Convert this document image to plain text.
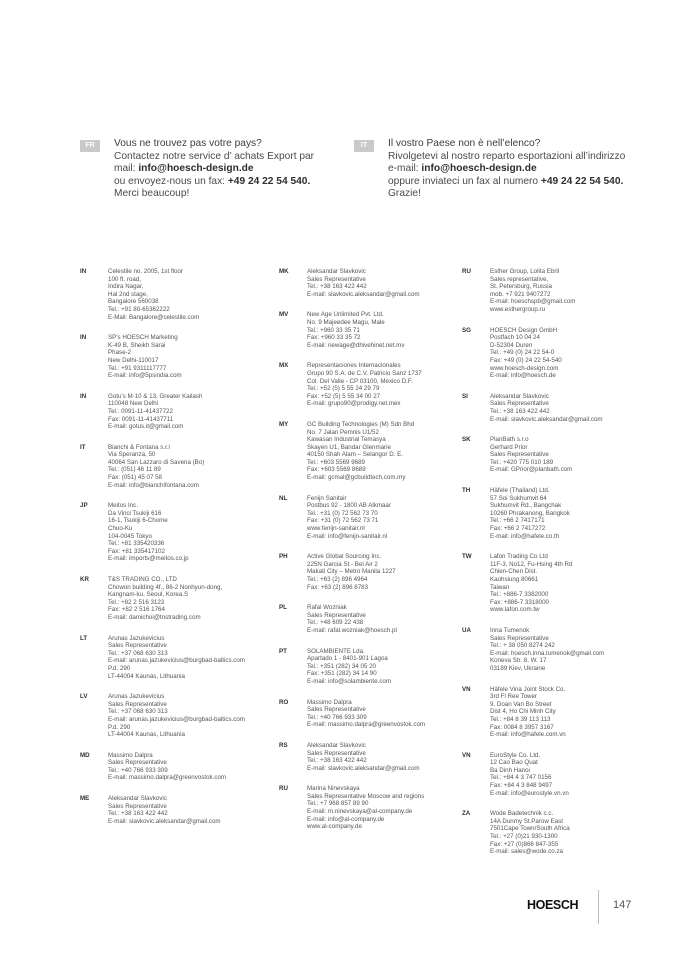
FR	Vous ne trouvez pas votre pays?
Contactez notre service d’ achats Export par
mail: info@hoesch-design.de
ou envoyez-nous un fax: +49 24 22 54 540.
Merci beaucoup!
IT	Il vostro Paese non è nell’elenco?
Rivolgetevi al nostro reparto esportazioni all’indirizzo
e-mail: info@hoesch-design.de
oppure inviateci un fax al numero +49 24 22 54 540.
Grazie!
IN	Celestile no. 2005, 1st floor
100 ft. road,
Indira Nagar,
Hal 2nd stage,
Bangalore 560038
Tel.: +91 80-65362222
E-Mail: Bangalore@celestile.com
IN	SP’s HOESCH Marketing
K-49 B, Sheikh Sarai
Phase-2
New Delhi-110017
Tel.: +91 9311117777
E-mail: info@5psindia.com
IN	Gotu’s M-10 & 13, Greater Kailash
110048 New Delhi
Tel.: 0091-11-41437722
Fax: 0091-11-41437711
E-mail: gotus.it@gmail.com
IT	Bianchi & Fontana s.r.l
Via Speranza, 50
40064 San Lazzaro di Savena (Bo)
Tel.: (051) 46 11 89
Fax: (051) 45 07 58
E-mail: info@bianchifontana.com
JP	Meitos Inc.
Da Vinci Tsukiji 616
16-1, Tsukiji 6-Chome
Chuo-Ku
104-0045 Tokyo
Tel.: +81 335420336
Fax: +81 335417102
E-mail: imports@meitos.co.jp
KR	T&S TRADING CO., LTD
Chowon building 4f., 86-2 Nonhyun-dong,
Kangnam-ku, Seoul, Korea.S
Tel.: +82 2 516 3123
Fax: +82 2 516 1764
E-mail: damichoi@tnstrading.com
LT	Arunas Jazukevicius
Sales Representative
Tel.: +37 068 630 313
E-mail: arunas.jazukevicius@burgbad-baltics.com
P.d. 290
LT-44004 Kaunas, Lithuania
LV	Arunas Jazukevicius
Sales Representative
Tel.: +37 068 630 313
E-mail: arunas.jazukevicius@burgbad-baltics.com
P.d. 290
LT-44004 Kaunas, Lithuania
MD	Massimo Dalpra
Sales Representative
Tel.: +40 766 933 309
E-mail: massimo.dalpra@greenvostok.com
ME	Aleksandar Slavkovic
Sales Representative
Tel.: +38 163 422 442
E-mail: slavkovic.aleksandar@gmail.com
MK	Aleksandar Slavkovic
Sales Representative
Tel.: +38 163 422 442
E-mail: slavkovic.aleksandar@gmail.com
MV	New Age Unlimited Pvt. Ltd.
No. 9 Majeedee Magu, Male
Tel.: +960 33 35 71
Fax: +960 33 35 72
E-mail: newage@dhivehinet.net.mv
MX	Representaciones Internacionales
Grupo 90 S.A. de C.V. Patricio Sanz 1737
Col. Del Valle - CP 03100, Mexico D.F.
Tel.: +52 (5) 5 55 24 29 79
Fax: +52 (5) 5 55 34 00 27
E-mail: grupo90@prodigy.net.mex
MY	GC Building Technologies (M) Sdn Bhd
No. 7 Jalan Pemnis U1/52
Kawasan Industrial Temasya
Skayen U1, Bandar Glenmarie
40150 Shah Alam – Selangor D. E.
Tel.: +603 5569 9689
Fax: +603 5569 8689
E-mail: gcmal@gcbuildtech.com.my
NL	Fenijn Sanitair
Postbus 92 - 1800 AB Alkmaar
Tel.: +31 (0) 72 562 73 70
Fax: +31 (0) 72 562 73 71
www.fenijn-sanitair.nl
E-mail: info@fenijn-sanitair.nl
PH	Active Global Sourcing Inc.
225N Garcia St - Bel Air 2
Makati City – Metro Manila 1227
Tel.: +63 (2) 896 4964
Fax: +63 (2) 896 8783
PL	Rafal Wozniak
Sales Representative
Tel.: +48 609 22 438
E-mail: rafal.wozniak@hoesch.pl
PT	SOLAMBIENTE Lda.
Apartado 1 - 8401-901 Lagoa
Tel.: +351 (282) 34 05 20
Fax: +351 (282) 34 14 90
E-mail: info@solambiente.com
RO	Massimo Dalpra
Sales Representative
Tel.: +40 766 933 309
E-mail: massimo.dalpra@greenvostok.com
RS	Aleksandar Slavkovic
Sales Representative
Tel.: +38 163 422 442
E-mail: slavkovic.aleksandar@gmail.com
RU	Marina Ninevskaya
Sales Representative Moscow and regions
Tel.: +7 968 857 89 90
E-mail: m.ninevskaya@al-company.de
E-mail: info@al-company.de
www.al-company.de
RU	Esther Group, Lolita Ebril
Sales representative,
St. Petersburg, Russia
mob. +7 921 9407272
E-mail: hoeschspb@gmail.com
www.esthergroup.ru
SG	HOESCH Design GmbH
Postfach 10 04 24
D-52304 Duren
Tel.: +49 (0) 24 22 54-0
Fax: +49 (0) 24 22 54-540
www.hoesch-design.com
E-mail: info@hoesch.de
SI	Aleksandar Slavkovic
Sales Representative
Tel.: +38 163 422 442
E-mail: slavkovic.aleksandar@gmail.com
SK	PlanBath s.r.o
Gerhard Prior
Sales Representative
Tel.: +420 775 010 189
E-mail: GPrior@planbath.com
TH	Häfele (Thailand) Ltd.
57 Soi Sukhumvit 64
Sukhumvit Rd., Bangchak
10260 Phrakanong, Bangkok
Tel.: +66 2 7417171
Fax: +66 2 7417272
E-mail: info@hafele.co.th
TW	Lafon Trading Co Ltd
11F-3, No12, Fu-Hsing 4th Rd
Chien-Chen Dist.
Kaohsiung 80661
Taiwan
Tel.: +886-7 3382000
Fax: +886-7 3318000
www.lafon.com.tw
UA	Inna Tumenok
Sales Representative
Tel.: + 38 050 8274 242
E-mail: hoesch.inna.tumenok@gmail.com
Koneva Str. 8, W. 17
03189 Kiev, Ukraine
VN	Häfele Vina Joint Stock Co.
3rd Fl Ree Tower
9, Doan Van Bo Street
Dist 4, Ho Chi Minh City
Tel.: +84 8 39 113 113
Fax: 0084 8 3957 3167
E-mail: info@hafele.com.vn
VN	EuroStyle Co. Ltd.
12 Cao Bao Quat
Ba Dinh Hanoi
Tel.: +84 4 3 747 0156
Fax: +84 4 3 848 9497
E-mail: info@eurostyle.vn.vn
ZA	Wode Badetechnik c.c.
14A Dunmy St.Parow East
7501Cape Town/South Africa
Tel.: +27 (0)21 930-1300
Fax: +27 (0)866 847-355
E-mail: sales@wode.co.za
HOESCH	147
